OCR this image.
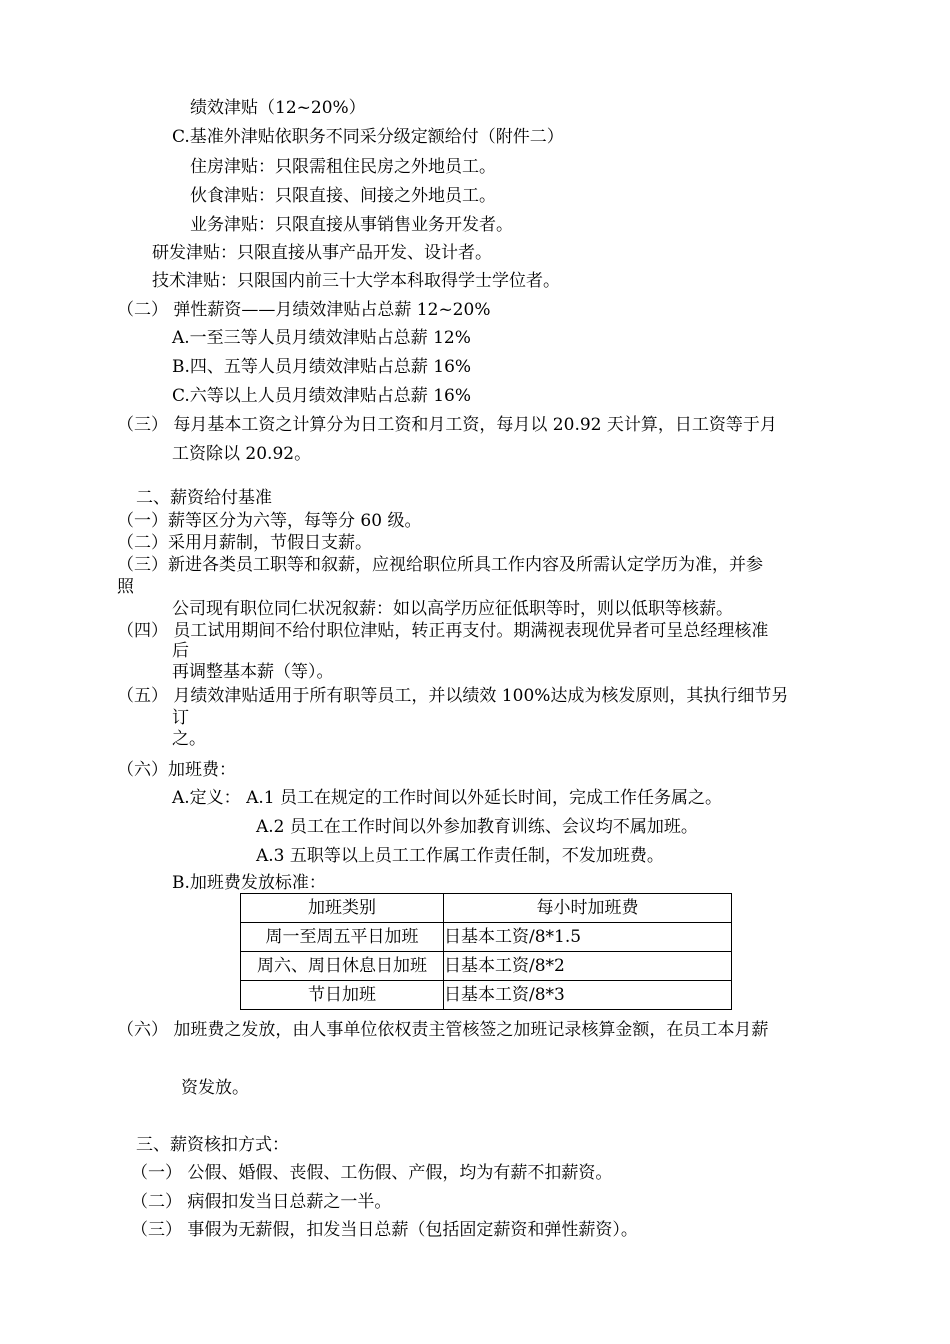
绩效津贴（12~20%）
C.基准外津贴依职务不同采分级定额给付（附件二）
住房津贴：只限需租住民房之外地员工。
伙食津贴：只限直接、间接之外地员工。
业务津贴：只限直接从事销售业务开发者。
研发津贴：只限直接从事产品开发、设计者。
技术津贴：只限国内前三十大学本科取得学士学位者。
（二） 弹性薪资——月绩效津贴占总薪 12~20%
A.一至三等人员月绩效津贴占总薪 12%
B.四、五等人员月绩效津贴占总薪 16%
C.六等以上人员月绩效津贴占总薪 16%
（三） 每月基本工资之计算分为日工资和月工资，每月以 20.92 天计算，日工资等于月
工资除以 20.92。
二、薪资给付基准
（一）薪等区分为六等，每等分 60 级。
（二）采用月薪制，节假日支薪。
（三）新进各类员工职等和叙薪，应视给职位所具工作内容及所需认定学历为准，并参
照
公司现有职位同仁状况叙薪：如以高学历应征低职等时，则以低职等核薪。
（四） 员工试用期间不给付职位津贴，转正再支付。期满视表现优异者可呈总经理核准
后
再调整基本薪（等）。
（五） 月绩效津贴适用于所有职等员工，并以绩效 100%达成为核发原则，其执行细节另
订
之。
（六）加班费：
A.定义： A.1 员工在规定的工作时间以外延长时间，完成工作任务属之。
A.2 员工在工作时间以外参加教育训练、会议均不属加班。
A.3 五职等以上员工工作属工作责任制，不发加班费。
B.加班费发放标准：
加班类别	每小时加班费
周一至周五平日加班	日基本工资/8*1.5
周六、周日休息日加班	日基本工资/8*2
节日加班	日基本工资/8*3
（六） 加班费之发放，由人事单位依权责主管核签之加班记录核算金额，在员工本月薪
资发放。
三、薪资核扣方式：
（一） 公假、婚假、丧假、工伤假、产假，均为有薪不扣薪资。
（二） 病假扣发当日总薪之一半。
（三） 事假为无薪假，扣发当日总薪（包括固定薪资和弹性薪资）。
